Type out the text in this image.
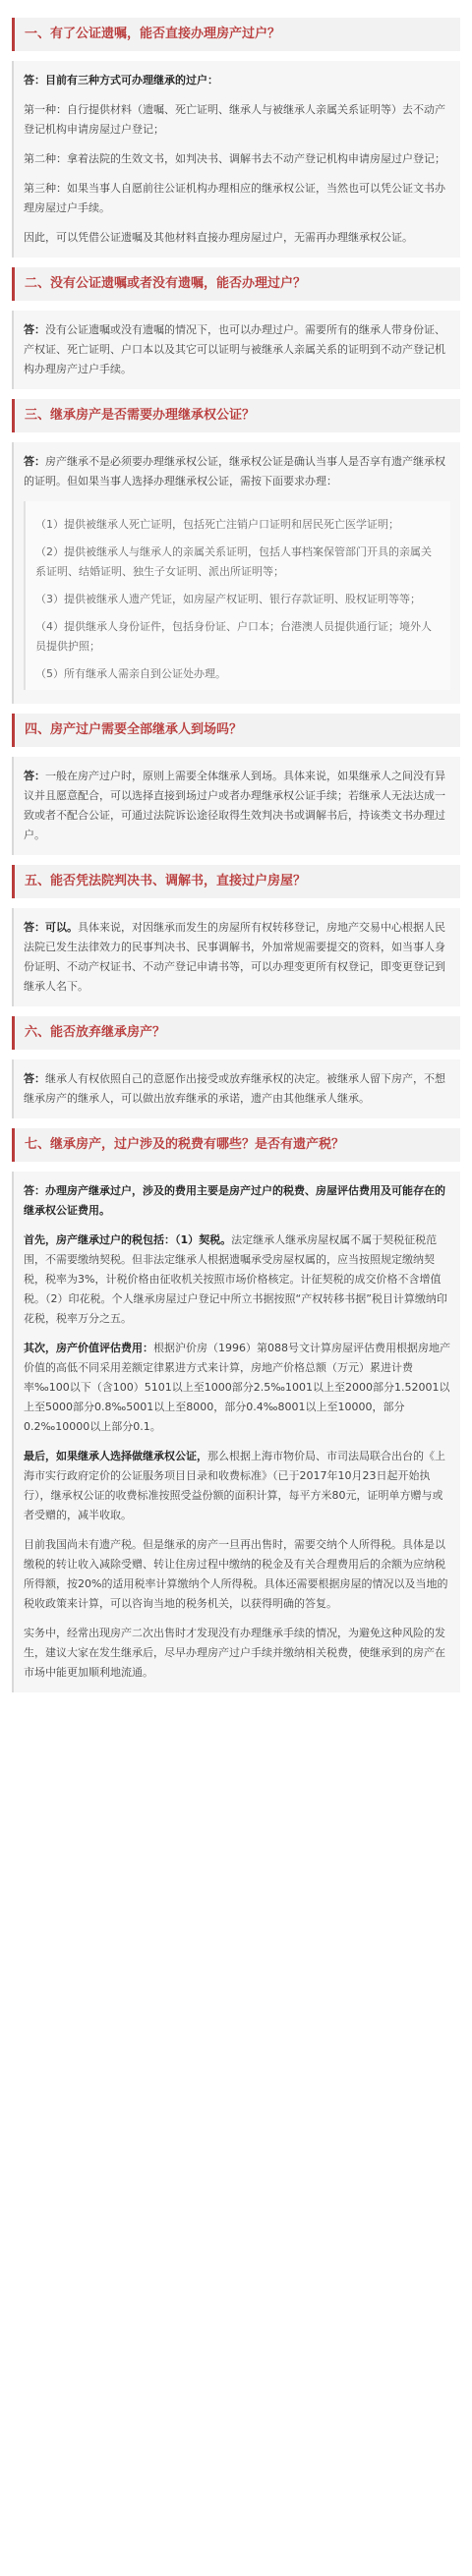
一、有了公证遗嘱，能否直接办理房产过户？

答：目前有三种方式可办理继承的过户：

第一种：自行提供材料（遗嘱、死亡证明、继承人与被继承人亲属关系证明等）去不动产登记机构申请房屋过户登记；

第二种：拿着法院的生效文书，如判决书、调解书去不动产登记机构申请房屋过户登记；

第三种：如果当事人自愿前往公证机构办理相应的继承权公证，当然也可以凭公证文书办理房屋过户手续。

因此，可以凭借公证遗嘱及其他材料直接办理房屋过户，无需再办理继承权公证。

二、没有公证遗嘱或者没有遗嘱，能否办理过户？

答：没有公证遗嘱或没有遗嘱的情况下，也可以办理过户。需要所有的继承人带身份证、产权证、死亡证明、户口本以及其它可以证明与被继承人亲属关系的证明到不动产登记机构办理房产过户手续。

三、继承房产是否需要办理继承权公证？

答：房产继承不是必须要办理继承权公证，继承权公证是确认当事人是否享有遗产继承权的证明。但如果当事人选择办理继承权公证，需按下面要求办理：

（1）提供被继承人死亡证明，包括死亡注销户口证明和居民死亡医学证明；

（2）提供被继承人与继承人的亲属关系证明，包括人事档案保管部门开具的亲属关系证明、结婚证明、独生子女证明、派出所证明等；

（3）提供被继承人遗产凭证，如房屋产权证明、银行存款证明、股权证明等等；

（4）提供继承人身份证件，包括身份证、户口本；台港澳人员提供通行证；境外人员提供护照；

（5）所有继承人需亲自到公证处办理。

四、房产过户需要全部继承人到场吗？

答：一般在房产过户时，原则上需要全体继承人到场。具体来说，如果继承人之间没有异议并且愿意配合，可以选择直接到场过户或者办理继承权公证手续；若继承人无法达成一致或者不配合公证，可通过法院诉讼途径取得生效判决书或调解书后，持该类文书办理过户。

五、能否凭法院判决书、调解书，直接过户房屋？

答：可以。具体来说，对因继承而发生的房屋所有权转移登记，房地产交易中心根据人民法院已发生法律效力的民事判决书、民事调解书，外加常规需要提交的资料，如当事人身份证明、不动产权证书、不动产登记申请书等，可以办理变更所有权登记，即变更登记到继承人名下。

六、能否放弃继承房产？

答：继承人有权依照自己的意愿作出接受或放弃继承权的决定。被继承人留下房产，不想继承房产的继承人，可以做出放弃继承的承诺，遗产由其他继承人继承。

七、继承房产，过户涉及的税费有哪些？是否有遗产税？

答：办理房产继承过户，涉及的费用主要是房产过户的税费、房屋评估费用及可能存在的继承权公证费用。

首先，房产继承过户的税包括：（1）契税。法定继承人继承房屋权属不属于契税征税范围，不需要缴纳契税。但非法定继承人根据遗嘱承受房屋权属的，应当按照规定缴纳契税，税率为3%，计税价格由征收机关按照市场价格核定。计征契税的成交价格不含增值税。（2）印花税。个人继承房屋过户登记中所立书据按照“产权转移书据”税目计算缴纳印花税，税率万分之五。

其次，房产价值评估费用：根据沪价房（1996）第088号文计算房屋评估费用根据房地产价值的高低不同采用差额定律累进方式来计算，房地产价格总额（万元）累进计费率‰100以下（含100）5101以上至1000部分2.5‰1001以上至2000部分1.52001以上至5000部分0.8‰5001以上至8000，部分0.4‰8001以上至10000，部分0.2‰10000以上部分0.1。

最后，如果继承人选择做继承权公证，那么根据上海市物价局、市司法局联合出台的《上海市实行政府定价的公证服务项目目录和收费标准》（已于2017年10月23日起开始执行），继承权公证的收费标准按照受益份额的面积计算，每平方米80元，证明单方赠与或者受赠的，减半收取。

目前我国尚未有遗产税。但是继承的房产一旦再出售时，需要交纳个人所得税。具体是以缴税的转让收入减除受赠、转让住房过程中缴纳的税金及有关合理费用后的余额为应纳税所得额，按20%的适用税率计算缴纳个人所得税。具体还需要根据房屋的情况以及当地的税收政策来计算，可以咨询当地的税务机关，以获得明确的答复。

实务中，经常出现房产二次出售时才发现没有办理继承手续的情况，为避免这种风险的发生，建议大家在发生继承后，尽早办理房产过户手续并缴纳相关税费，使继承到的房产在市场中能更加顺利地流通。
